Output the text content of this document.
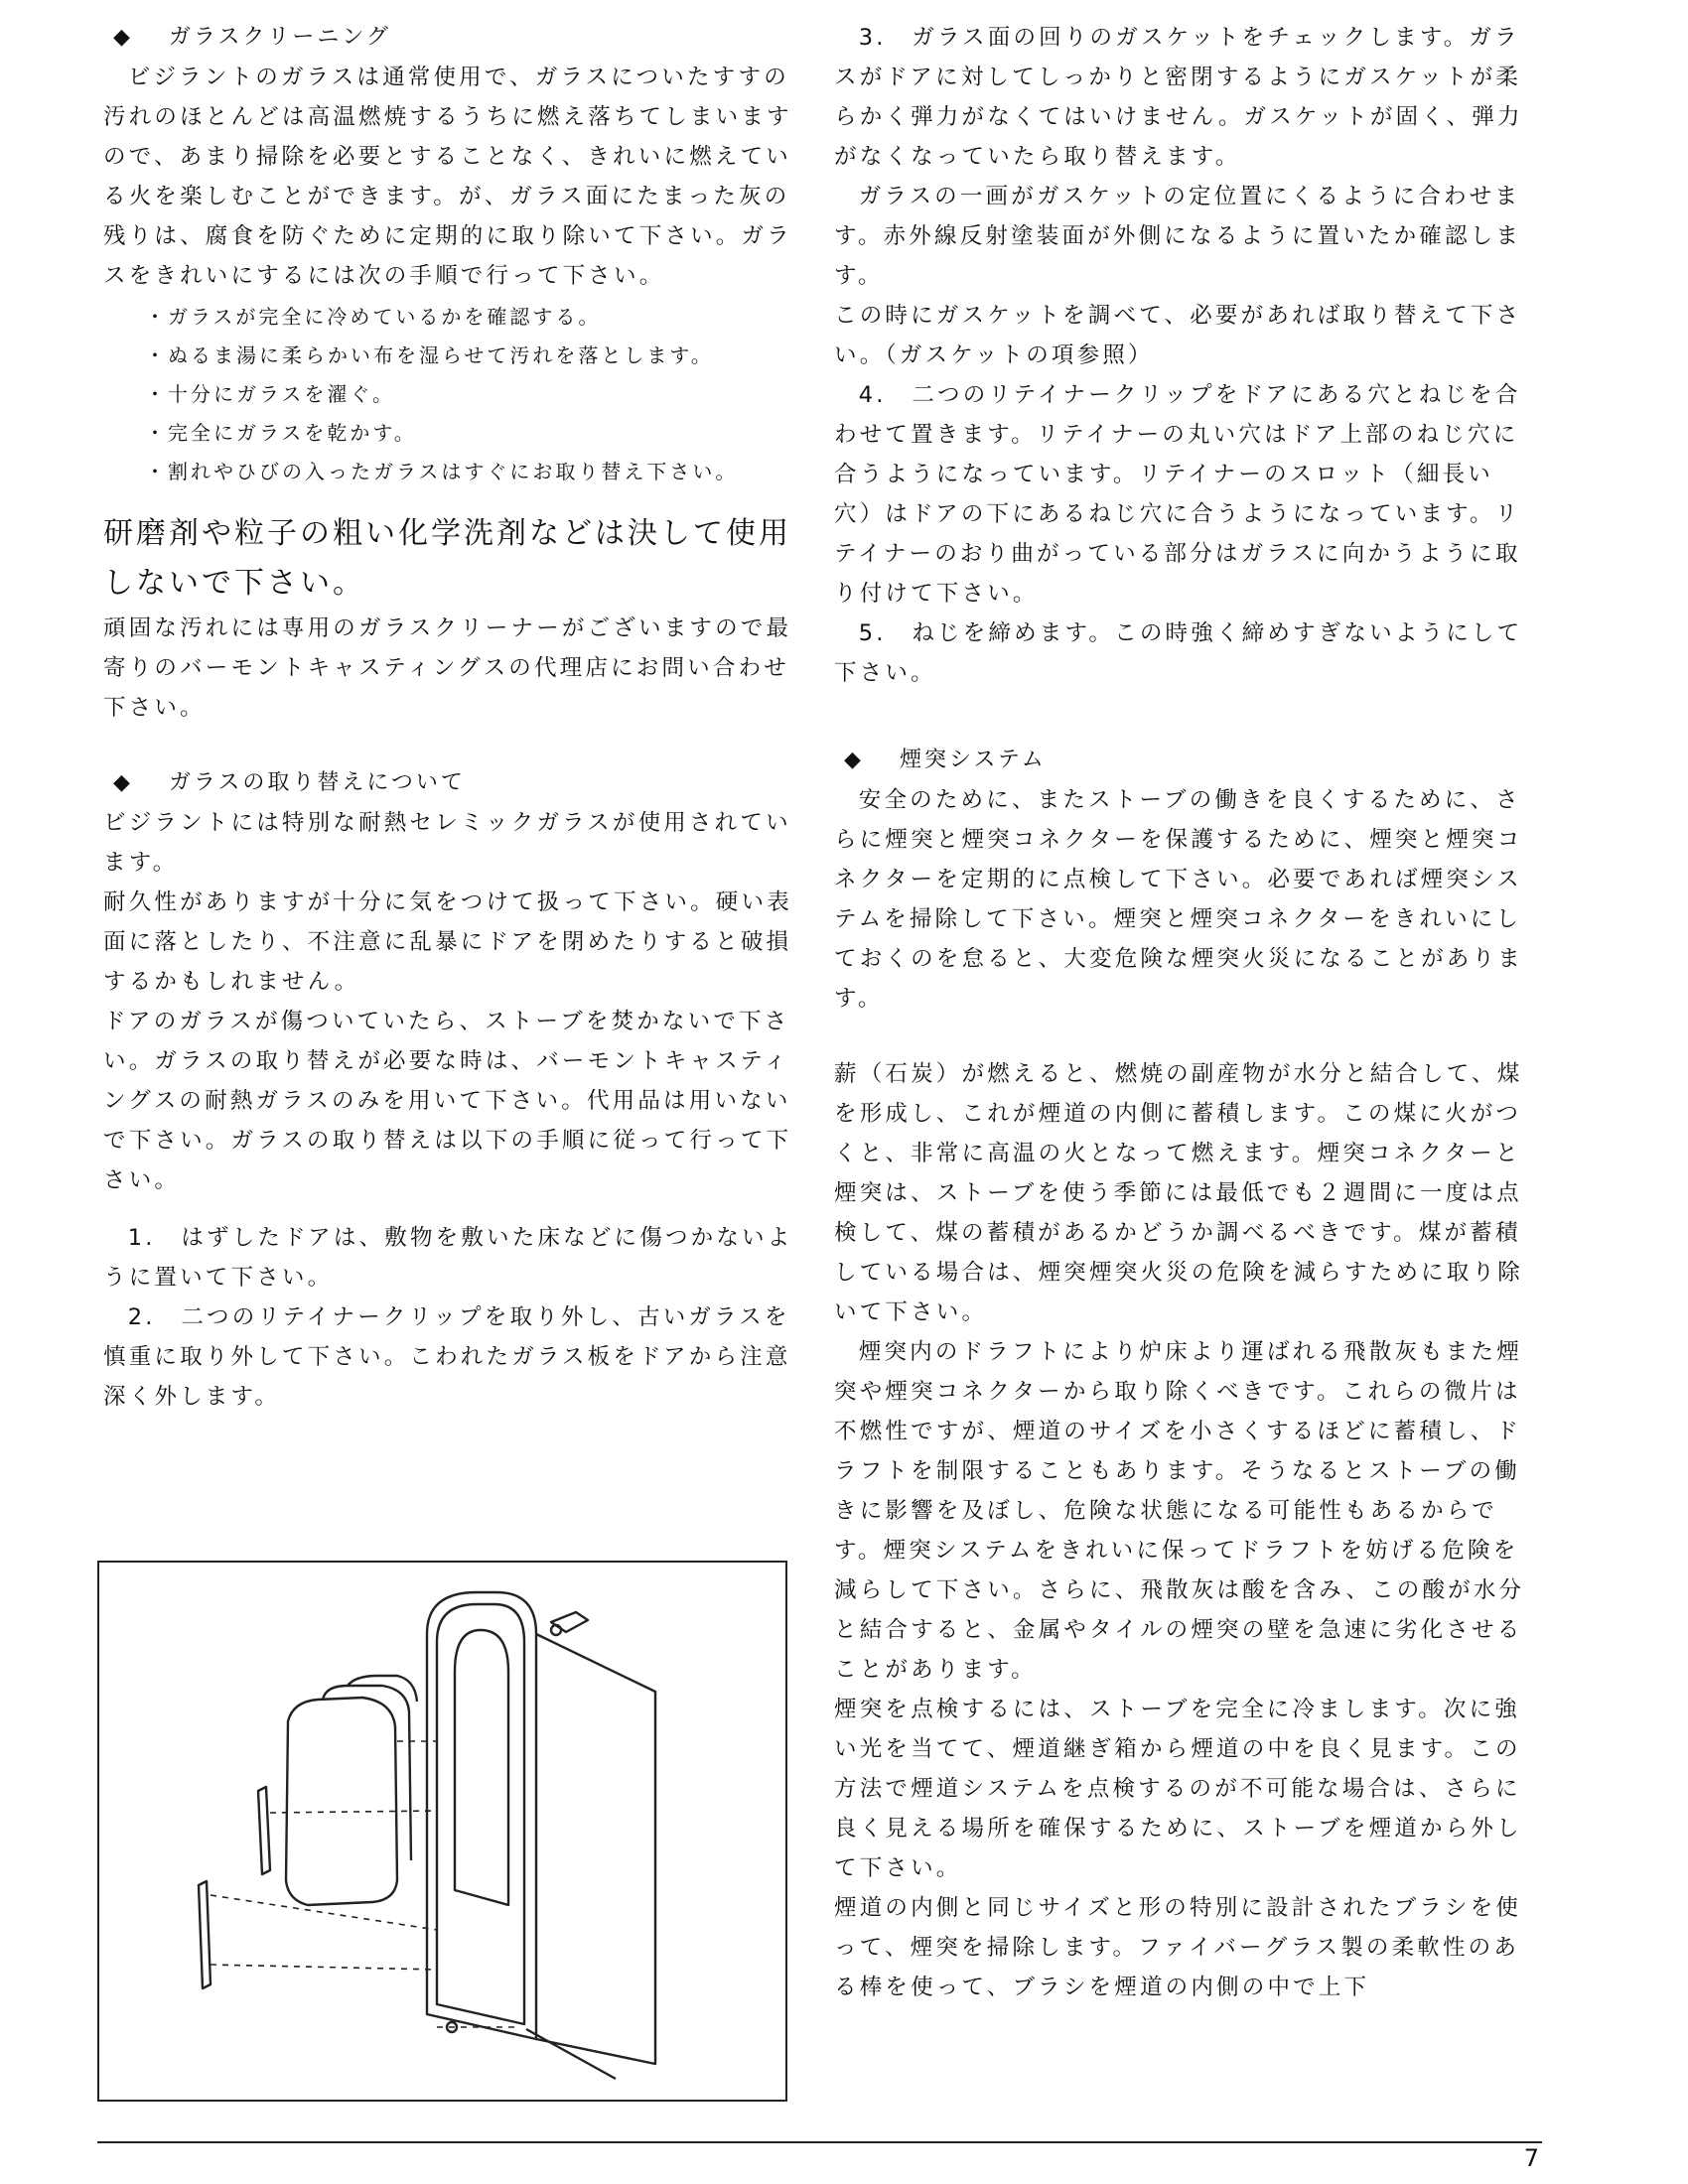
◆ ガラスクリーニング

ビジラントのガラスは通常使用で、ガラスについたすすの汚れのほとんどは高温燃焼するうちに燃え落ちてしまいますので、あまり掃除を必要とすることなく、きれいに燃えている火を楽しむことができます。が、ガラス面にたまった灰の残りは、腐食を防ぐために定期的に取り除いて下さい。ガラスをきれいにするには次の手順で行って下さい。

・ガラスが完全に冷めているかを確認する。
・ぬるま湯に柔らかい布を湿らせて汚れを落とします。
・十分にガラスを濯ぐ。
・完全にガラスを乾かす。
・割れやひびの入ったガラスはすぐにお取り替え下さい。

研磨剤や粒子の粗い化学洗剤などは決して使用しないで下さい。

頑固な汚れには専用のガラスクリーナーがございますので最寄りのバーモントキャスティングスの代理店にお問い合わせ下さい。

◆ ガラスの取り替えについて

ビジラントには特別な耐熱セレミックガラスが使用されています。

耐久性がありますが十分に気をつけて扱って下さい。硬い表面に落としたり、不注意に乱暴にドアを閉めたりすると破損するかもしれません。

ドアのガラスが傷ついていたら、ストーブを焚かないで下さい。ガラスの取り替えが必要な時は、バーモントキャスティングスの耐熱ガラスのみを用いて下さい。代用品は用いないで下さい。ガラスの取り替えは以下の手順に従って行って下さい。

1.　はずしたドアは、敷物を敷いた床などに傷つかないように置いて下さい。

2.　二つのリテイナークリップを取り外し、古いガラスを慎重に取り外して下さい。こわれたガラス板をドアから注意深く外します。

3.　ガラス面の回りのガスケットをチェックします。ガラスがドアに対してしっかりと密閉するようにガスケットが柔らかく弾力がなくてはいけません。ガスケットが固く、弾力がなくなっていたら取り替えます。

ガラスの一画がガスケットの定位置にくるように合わせます。赤外線反射塗装面が外側になるように置いたか確認します。

この時にガスケットを調べて、必要があれば取り替えて下さい。（ガスケットの項参照）

4.　二つのリテイナークリップをドアにある穴とねじを合わせて置きます。リテイナーの丸い穴はドア上部のねじ穴に合うようになっています。リテイナーのスロット（細長い穴）はドアの下にあるねじ穴に合うようになっています。リテイナーのおり曲がっている部分はガラスに向かうように取り付けて下さい。

5.　ねじを締めます。この時強く締めすぎないようにして下さい。

◆ 煙突システム

安全のために、またストーブの働きを良くするために、さらに煙突と煙突コネクターを保護するために、煙突と煙突コネクターを定期的に点検して下さい。必要であれば煙突システムを掃除して下さい。煙突と煙突コネクターをきれいにしておくのを怠ると、大変危険な煙突火災になることがあります。

薪（石炭）が燃えると、燃焼の副産物が水分と結合して、煤を形成し、これが煙道の内側に蓄積します。この煤に火がつくと、非常に高温の火となって燃えます。煙突コネクターと煙突は、ストーブを使う季節には最低でも２週間に一度は点検して、煤の蓄積があるかどうか調べるべきです。煤が蓄積している場合は、煙突煙突火災の危険を減らすために取り除いて下さい。

煙突内のドラフトにより炉床より運ばれる飛散灰もまた煙突や煙突コネクターから取り除くべきです。これらの微片は不燃性ですが、煙道のサイズを小さくするほどに蓄積し、ドラフトを制限することもあります。そうなるとストーブの働きに影響を及ぼし、危険な状態になる可能性もあるからです。煙突システムをきれいに保ってドラフトを妨げる危険を減らして下さい。さらに、飛散灰は酸を含み、この酸が水分と結合すると、金属やタイルの煙突の壁を急速に劣化させることがあります。

煙突を点検するには、ストーブを完全に冷まします。次に強い光を当てて、煙道継ぎ箱から煙道の中を良く見ます。この方法で煙道システムを点検するのが不可能な場合は、さらに良く見える場所を確保するために、ストーブを煙道から外して下さい。

煙道の内側と同じサイズと形の特別に設計されたブラシを使って、煙突を掃除します。ファイバーグラス製の柔軟性のある棒を使って、ブラシを煙道の内側の中で上下

7
